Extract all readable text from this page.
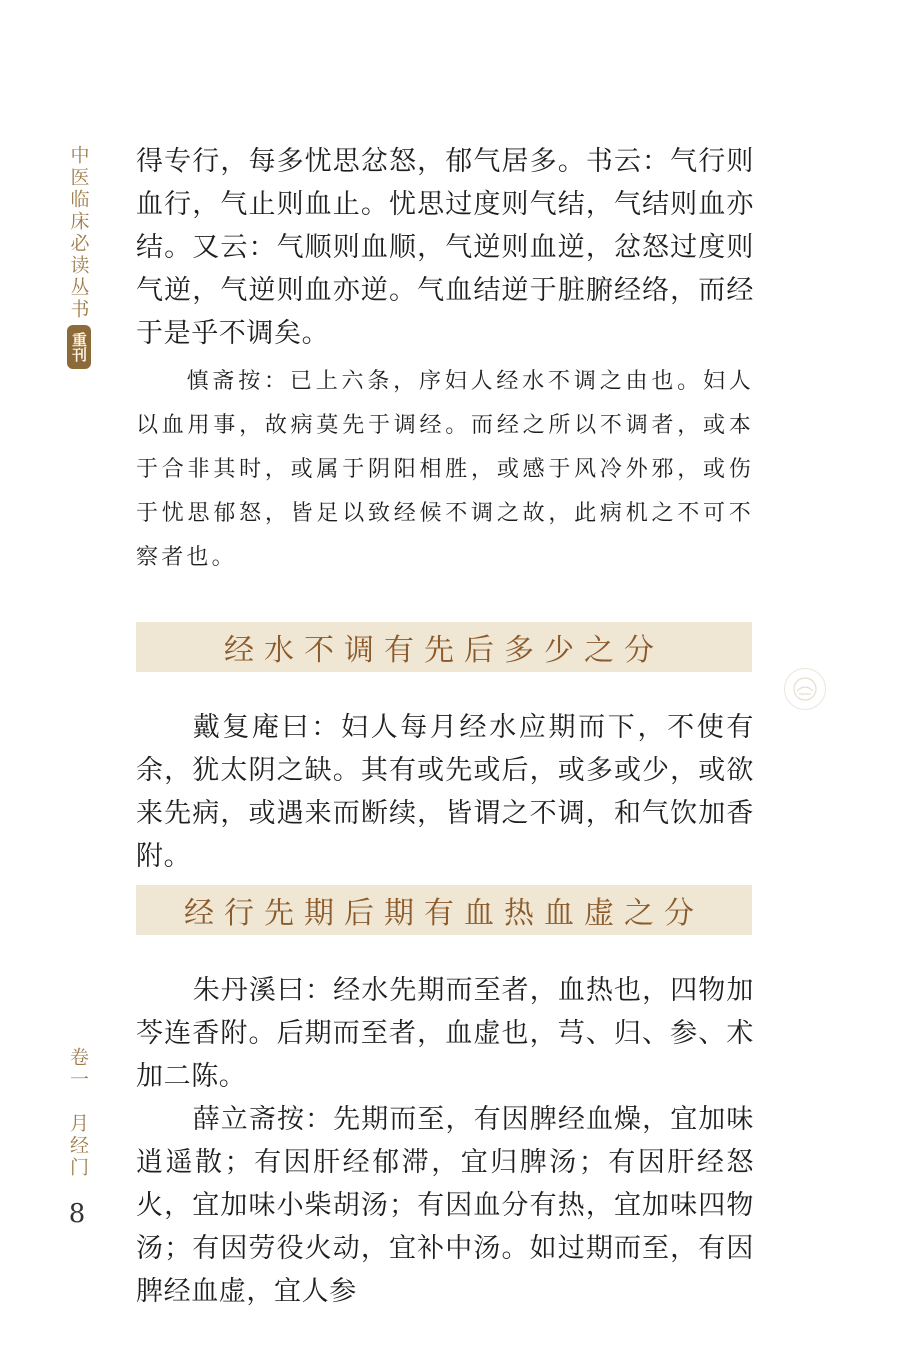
中医临床必读丛书
重刊

得专行，每多忧思忿怒，郁气居多。书云：气行则血行，气止则血止。忧思过度则气结，气结则血亦结。又云：气顺则血顺，气逆则血逆，忿怒过度则气逆，气逆则血亦逆。气血结逆于脏腑经络，而经于是乎不调矣。

慎斋按：已上六条，序妇人经水不调之由也。妇人以血用事，故病莫先于调经。而经之所以不调者，或本于合非其时，或属于阴阳相胜，或感于风冷外邪，或伤于忧思郁怒，皆足以致经候不调之故，此病机之不可不察者也。

经水不调有先后多少之分

戴复庵曰：妇人每月经水应期而下，不使有余，犹太阴之缺。其有或先或后，或多或少，或欲来先病，或遇来而断续，皆谓之不调，和气饮加香附。

经行先期后期有血热血虚之分

朱丹溪曰：经水先期而至者，血热也，四物加芩连香附。后期而至者，血虚也，芎、归、参、术加二陈。

薛立斋按：先期而至，有因脾经血燥，宜加味逍遥散；有因肝经郁滞，宜归脾汤；有因肝经怒火，宜加味小柴胡汤；有因血分有热，宜加味四物汤；有因劳役火动，宜补中汤。如过期而至，有因脾经血虚，宜人参

卷一月经门
8
